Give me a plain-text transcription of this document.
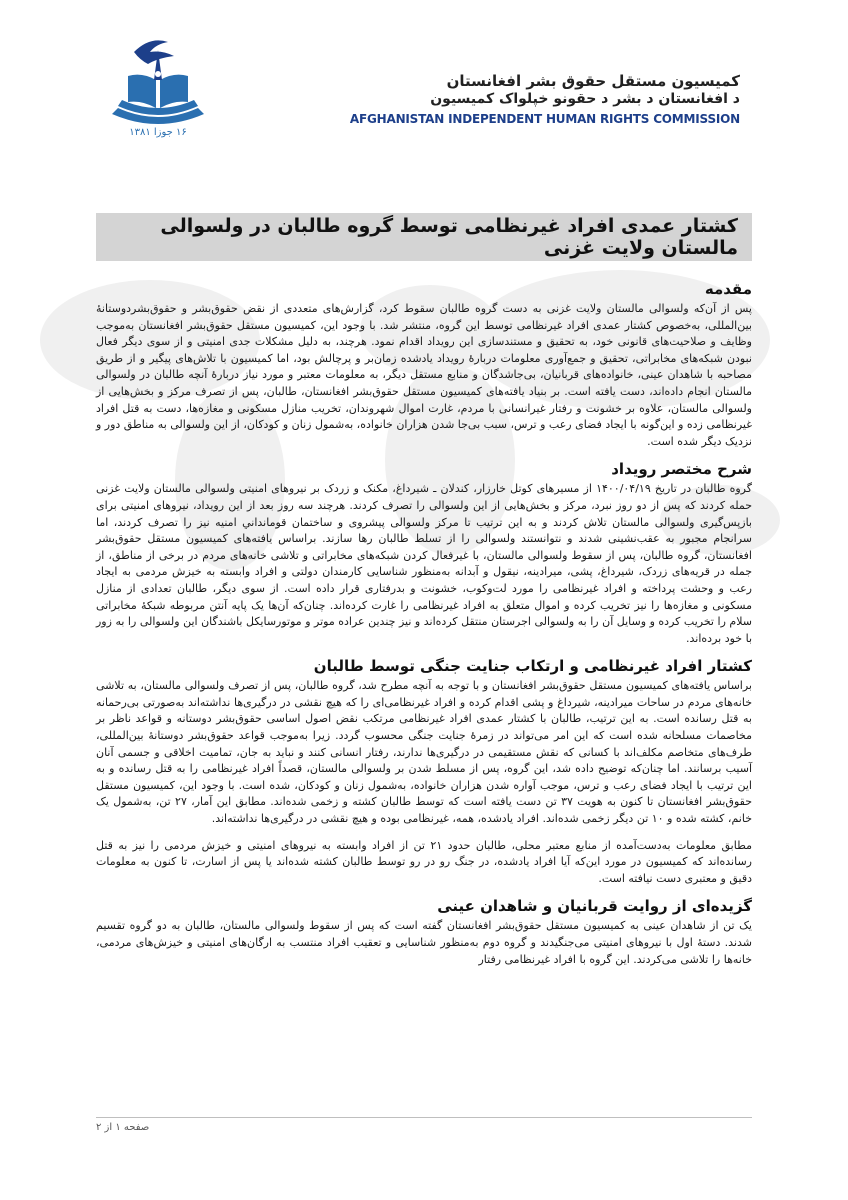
۱۶ جوزا ۱۳۸۱
کمیسیون مستقل حقوق بشر افغانستان
د افغانستان د بشر د حقونو خپلواک کمیسیون
AFGHANISTAN INDEPENDENT HUMAN RIGHTS COMMISSION
کشتار عمدی افراد غیرنظامی توسط گروه طالبان در ولسوالی مالستان ولایت غزنی
مقدمه

پس از آن‌که ولسوالی مالستان ولایت غزنی به دست گروه طالبان سقوط کرد، گزارش‌های متعددی از نقض حقوق‌بشر و حقوق‌بشردوستانهٔ بین‌المللی، به‌خصوص کشتار عمدی افراد غیرنظامی توسط این گروه، منتشر شد. با وجود این، کمیسیون مستقل حقوق‌بشر افغانستان به‌موجب وظایف و صلاحیت‌های قانونی خود، به تحقیق و مستندسازی این رویداد اقدام نمود. هرچند، به دلیل مشکلات جدی امنیتی و از سوی دیگر فعال نبودن شبکه‌های مخابراتی، تحقیق و جمع‌آوری معلومات دربارهٔ رویداد یادشده زمان‌بر و پرچالش بود، اما کمیسیون با تلاش‌های پیگیر و از طریق مصاحبه با شاهدان عینی، خانواده‌های قربانیان، بی‌جاشدگان و منابع مستقل دیگر، به معلومات معتبر و مورد نیاز دربارهٔ آنچه طالبان در ولسوالی مالستان انجام داده‌اند، دست یافته است. بر بنیاد یافته‌های کمیسیون مستقل حقوق‌بشر افغانستان، طالبان، پس از تصرف مرکز و بخش‌هایی از ولسوالی مالستان، علاوه بر خشونت و رفتار غیرانسانی با مردم، غارت اموال شهروندان، تخریب منازل مسکونی و مغازه‌ها، دست به قتل افراد غیرنظامی زده و این‌گونه با ایجاد فضای رعب و ترس، سبب بی‌جا شدن هزاران خانواده، به‌شمول زنان و کودکان، از این ولسوالی به مناطق دور و نزدیک دیگر شده است.

شرح مختصر رویداد

گروه طالبان در تاریخ ۱۴۰۰/۰۴/۱۹ از مسیرهای کوتل خارزار، کندلان ـ شیرداغ، مکنک و زردک بر نیروهای امنیتی ولسوالی مالستان ولایت غزنی حمله کردند که پس از دو روز نبرد، مرکز و بخش‌هایی از این ولسوالی را تصرف کردند. هرچند سه روز بعد از این رویداد، نیروهای امنیتی برای بازپس‌گیری ولسوالی مالستان تلاش کردند و به این ترتیب تا مرکز ولسوالی پیشروی و ساختمان قومانداني امنیه نیز را تصرف کردند، اما سرانجام مجبور به عقب‌نشینی شدند و نتوانستند ولسوالی را از تسلط طالبان رها سازند. براساس یافته‌های کمیسیون مستقل حقوق‌بشر افغانستان، گروه طالبان، پس از سقوط ولسوالی مالستان، با غیرفعال کردن شبکه‌های مخابراتی و تلاشی خانه‌های مردم در برخی از مناطق، از جمله در قریه‌های زردک، شیرداغ، پشی، میرادینه، نیقول و آبدانه به‌منظور شناسایی کارمندان دولتی و افراد وابسته به خیزش مردمی به ایجاد رعب و وحشت پرداخته و افراد غیرنظامی را مورد لت‌وکوب، خشونت و بدرفتاری قرار داده است. از سوی دیگر، طالبان تعدادی از منازل مسکونی و مغازه‌ها را نیز تخریب کرده و اموال متعلق به افراد غیرنظامی را غارت کرده‌اند. چنان‌که آن‌ها یک پایه آنتن مربوطه شبکهٔ مخابراتی سلام را تخریب کرده و وسایل آن را به ولسوالی اجرستان منتقل کرده‌اند و نیز چندین عراده موتر و موتورسایکل باشندگان این ولسوالی را به زور با خود برده‌اند.

کشتار افراد غیرنظامی و ارتکاب جنایت جنگی توسط طالبان

براساس یافته‌های کمیسیون مستقل حقوق‌بشر افغانستان و با توجه به آنچه مطرح شد، گروه طالبان، پس از تصرف ولسوالی مالستان، به تلاشی خانه‌های مردم در ساحات میرادینه، شیرداغ و پشی اقدام کرده و افراد غیرنظامی‌ای را که هیچ نقشی در درگیری‌ها نداشته‌اند به‌صورتی بی‌رحمانه به قتل رسانده است. به این ترتیب، طالبان با کشتار عمدی افراد غیرنظامی مرتکب نقض اصول اساسی حقوق‌بشر دوستانه و قواعد ناظر بر مخاصمات مسلحانه شده است که این امر می‌تواند در زمرهٔ جنایت جنگی محسوب گردد. زیرا به‌موجب قواعد حقوق‌بشر دوستانهٔ بین‌المللی، طرف‌های متخاصم مکلف‌اند با کسانی که نقش مستقیمی در درگیری‌ها ندارند، رفتار انسانی کنند و نباید به جان، تمامیت اخلاقی و جسمی آنان آسیب برسانند. اما چنان‌که توضیح داده شد، این گروه، پس از مسلط شدن بر ولسوالی مالستان، قصداً افراد غیرنظامی را به قتل رسانده و به این ترتیب با ایجاد فضای رعب و ترس، موجب آواره شدن هزاران خانواده، به‌شمول زنان و کودکان، شده است. با وجود این، کمیسیون مستقل حقوق‌بشر افغانستان تا کنون به هویت ۳۷ تن دست یافته است که توسط طالبان کشته و زخمی شده‌اند. مطابق این آمار، ۲۷ تن، به‌شمول یک خانم، کشته شده و ۱۰ تن دیگر زخمی شده‌اند. افراد یادشده، همه، غیرنظامی بوده و هیچ نقشی در درگیری‌ها نداشته‌اند.

مطابق معلومات به‌دست‌آمده از منابع معتبر محلی، طالبان حدود ۲۱ تن از افراد وابسته به نیروهای امنیتی و خیزش مردمی را نیز به قتل رسانده‌اند که کمیسیون در مورد این‌که آیا افراد یادشده، در جنگ رو در رو توسط طالبان کشته شده‌اند یا پس از اسارت، تا کنون به معلومات دقیق و معتبری دست نیافته است.

گزیده‌ای از روایت قربانیان و شاهدان عینی

یک تن از شاهدان عینی به کمیسیون مستقل حقوق‌بشر افغانستان گفته است که پس از سقوط ولسوالی مالستان، طالبان به دو گروه تقسیم شدند. دستهٔ اول با نیروهای امنیتی می‌جنگیدند و گروه دوم به‌منظور شناسایی و تعقیب افراد منتسب به ارگان‌های امنیتی و خیزش‌های مردمی، خانه‌ها را تلاشی می‌کردند. این گروه با افراد غیرنظامی رفتار

صفحه ۱ از ۲
